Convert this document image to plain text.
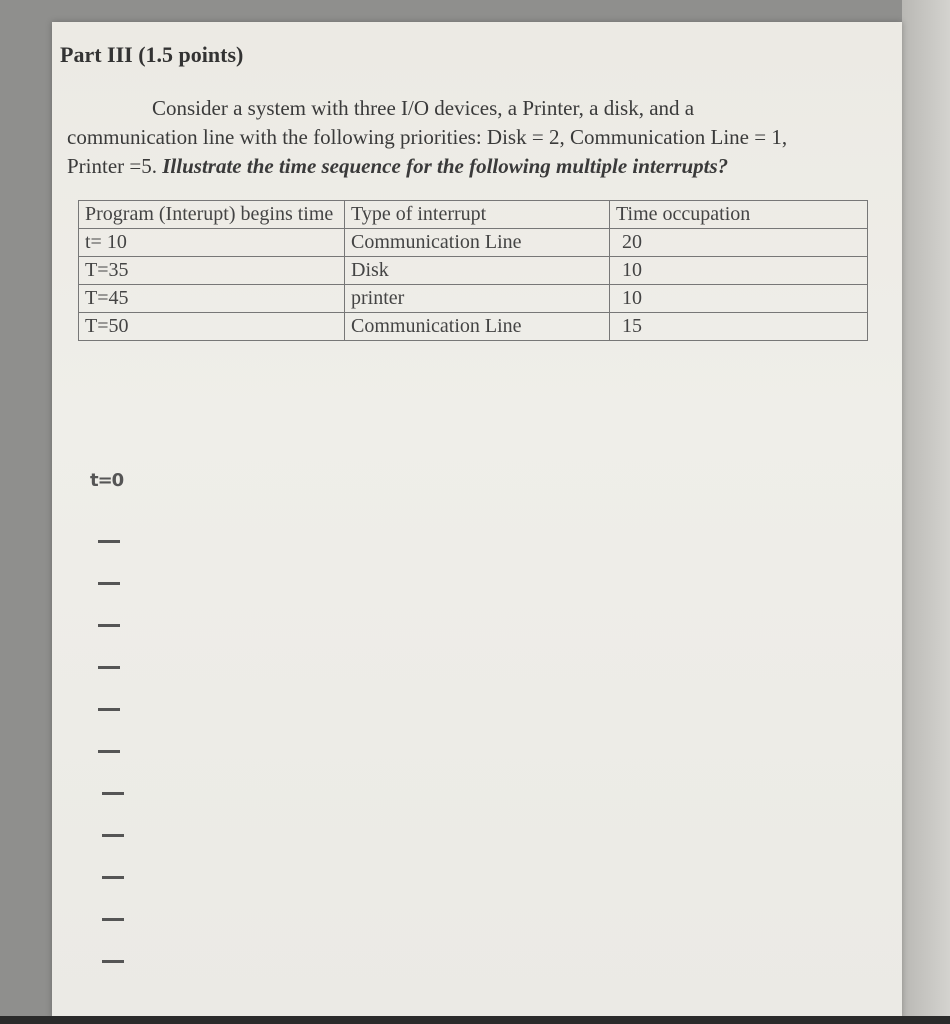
Part III (1.5 points)
Consider a system with three I/O devices, a Printer, a disk, and a
communication line with the following priorities: Disk = 2, Communication Line = 1,
Printer =5. Illustrate the time sequence for the following multiple interrupts?
Program (Interupt) begins time	Type of interrupt	Time occupation
t= 10	Communication Line	20
T=35	Disk	10
T=45	printer	10
T=50	Communication Line	15
t=0
